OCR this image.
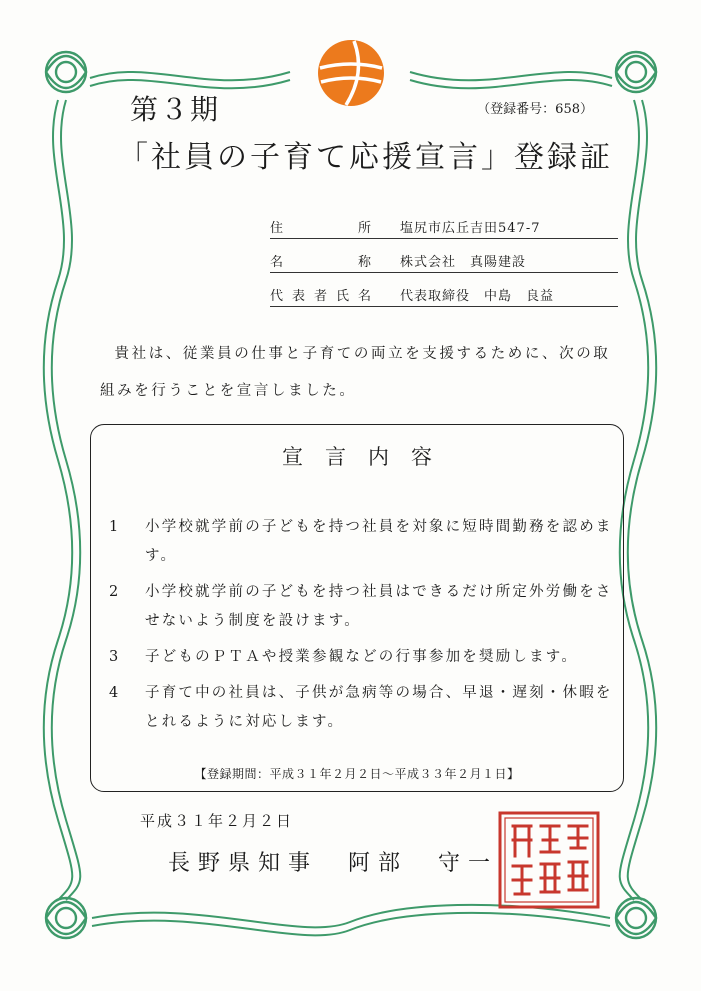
第３期	（登録番号：658）
「社員の子育て応援宣言」登録証
住	所 塩尻市広丘吉田547-7
名	称 株式会社　真陽建設
代 表 者 氏 名 代表取締役　中島　良益
貴社は、従業員の仕事と子育ての両立を支援するために、次の取組みを行うことを宣言しました。
宣言内容
1	小学校就学前の子どもを持つ社員を対象に短時間勤務を認めます。
2	小学校就学前の子どもを持つ社員はできるだけ所定外労働をさせないよう制度を設けます。
3	子どものＰＴＡや授業参観などの行事参加を奨励します。
4	子育て中の社員は、子供が急病等の場合、早退・遅刻・休暇をとれるように対応します。
【登録期間：平成３１年２月２日～平成３３年２月１日】
平成３１年２月２日
長野県知事　阿部　守一
